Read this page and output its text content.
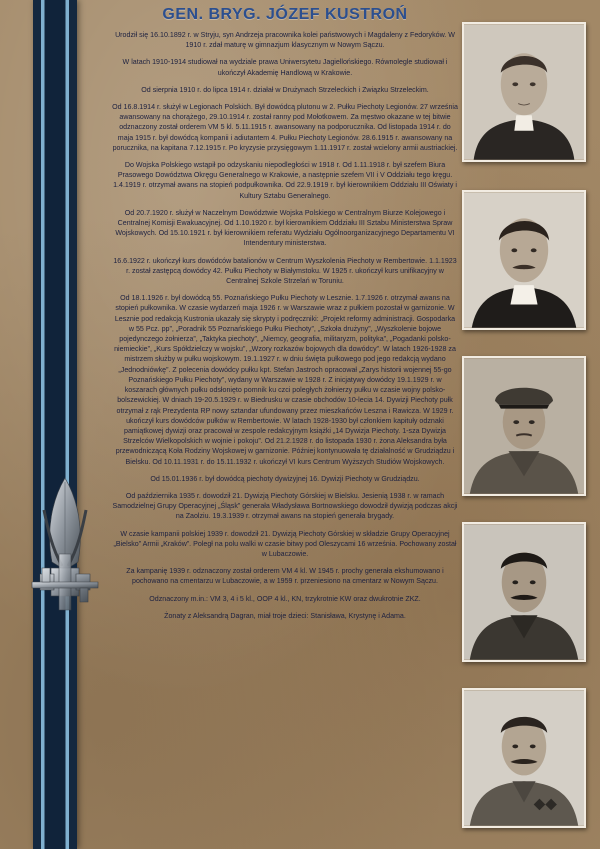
GEN. BRYG. JÓZEF KUSTROŃ

Urodził się 16.10.1892 r. w Stryju, syn Andrzeja pracownika kolei państwowych i Magdaleny z Fedoryków. W 1910 r. zdał maturę w gimnazjum klasycznym w Nowym Sączu.

W latach 1910-1914 studiował na wydziale prawa Uniwersytetu Jagiellońskiego. Równolegle studiował i ukończył Akademię Handlową w Krakowie.

Od sierpnia 1910 r. do lipca 1914 r. działał w Drużynach Strzeleckich i Związku Strzeleckim.

Od 16.8.1914 r. służył w Legionach Polskich. Był dowódcą plutonu w 2. Pułku Piechoty Legionów. 27 września awansowany na chorążego, 29.10.1914 r. został ranny pod Mołotkowem. Za męstwo okazane w tej bitwie odznaczony został orderem VM 5 kl. 5.11.1915 r. awansowany na podporucznika. Od listopada 1914 r. do maja 1915 r. był dowódcą kompanii i adiutantem 4. Pułku Piechoty Legionów. 28.6.1915 r. awansowany na porucznika, na kapitana 7.12.1915 r. Po kryzysie przysięgowym 1.11.1917 r. został wcielony armii austriackiej.

Do Wojska Polskiego wstąpił po odzyskaniu niepodległości w 1918 r. Od 1.11.1918 r. był szefem Biura Prasowego Dowództwa Okręgu Generalnego w Krakowie, a następnie szefem VII i V Oddziału tego kręgu. 1.4.1919 r. otrzymał awans na stopień podpułkownika. Od 22.9.1919 r. był kierownikiem Oddziału III Oświaty i Kultury Sztabu Generalnego.

Od 20.7.1920 r. służył w Naczelnym Dowództwie Wojska Polskiego w Centralnym Biurze Kolejowego i Centralnej Komisji Ewakuacyjnej. Od 1.10.1920 r. był kierownikiem Oddziału III Sztabu Ministerstwa Spraw Wojskowych. Od 15.10.1921 r. był kierownikiem referatu Wydziału Ogólnoorganizacyjnego Departamentu VI Intendentury ministerstwa.

16.6.1922 r. ukończył kurs dowódców batalionów w Centrum Wyszkolenia Piechoty w Rembertowie. 1.1.1923 r. został zastępcą dowódcy 42. Pułku Piechoty w Białymstoku. W 1925 r. ukończył kurs unifikacyjny w Centralnej Szkole Strzelań w Toruniu.

Od 18.1.1926 r. był dowódcą 55. Poznańskiego Pułku Piechoty w Lesznie. 1.7.1926 r. otrzymał awans na stopień pułkownika. W czasie wydarzeń maja 1926 r. w Warszawie wraz z pułkiem pozostał w garnizonie. W Lesznie pod redakcją Kustronia ukazały się skrypty i podręczniki: „Projekt reformy administracji. Gospodarka w 55 Pcz. pp”, „Poradnik 55 Poznańskiego Pułku Piechoty”, „Szkoła drużyny”, „Wyszkolenie bojowe pojedynczego żołnierza”, „Taktyka piechoty”, „Niemcy, geografia, militaryzm, polityka”, „Pogadanki polsko-niemieckie”, „Kurs Spółdzielczy w wojsku”, „Wzory rozkazów bojowych dla dowódcy”. W latach 1926-1928 za mistrzem służby w pułku wojskowym. 19.1.1927 r. w dniu święta pułkowego pod jego redakcją wydano „Jednodniówkę”. Z polecenia dowódcy pułku kpt. Stefan Jastroch opracował „Zarys historii wojennej 55-go Poznańskiego Pułku Piechoty”, wydany w Warszawie w 1928 r. Z inicjatywy dowódcy 19.1.1929 r. w koszarach głównych pułku odsłonięto pomnik ku czci poległych żołnierzy pułku w czasie wojny polsko-bolszewickiej. W dniach 19-20.5.1929 r. w Biedrusku w czasie obchodów 10-lecia 14. Dywizji Piechoty pułk otrzymał z rąk Prezydenta RP nowy sztandar ufundowany przez mieszkańców Leszna i Rawicza. W 1929 r. ukończył kurs dowódców pułków w Rembertowie. W latach 1928-1930 był członkiem kapituły odznaki pamiątkowej dywizji oraz pracował w zespole redakcyjnym książki „14 Dywizja Piechoty. 1-sza Dywizja Strzelców Wielkopolskich w wojnie i pokoju”. Od 21.2.1928 r. do listopada 1930 r. żona Aleksandra była przewodniczącą Koła Rodziny Wojskowej w garnizonie. Później kontynuowała tę działalność w Grudziądzu i Bielsku. Od 10.11.1931 r. do 15.11.1932 r. ukończył VI kurs Centrum Wyższych Studiów Wojskowych.

Od 15.01.1936 r. był dowódcą piechoty dywizyjnej 16. Dywizji Piechoty w Grudziądzu.

Od października 1935 r. dowodził 21. Dywizją Piechoty Górskiej w Bielsku. Jesienią 1938 r. w ramach Samodzielnej Grupy Operacyjnej „Śląsk” generała Władysława Bortnowskiego dowodził dywizją podczas akcji na Zaolziu. 19.3.1939 r. otrzymał awans na stopień generała brygady.

W czasie kampanii polskiej 1939 r. dowodził 21. Dywizją Piechoty Górskiej w składzie Grupy Operacyjnej „Bielsko” Armii „Kraków”. Poległ na polu walki w czasie bitwy pod Oleszycami 16 września. Pochowany został w Lubaczowie.

Za kampanię 1939 r. odznaczony został orderem VM 4 kl. W 1945 r. prochy generała ekshumowano i pochowano na cmentarzu w Lubaczowie, a w 1959 r. przeniesiono na cmentarz w Nowym Sączu.

Odznaczony m.in.: VM 3, 4 i 5 kl., OOP 4 kl., KN, trzykrotnie KW oraz dwukrotnie ZKZ.

Żonaty z Aleksandrą Dagran, miał troje dzieci: Stanisława, Krystynę i Adama.
